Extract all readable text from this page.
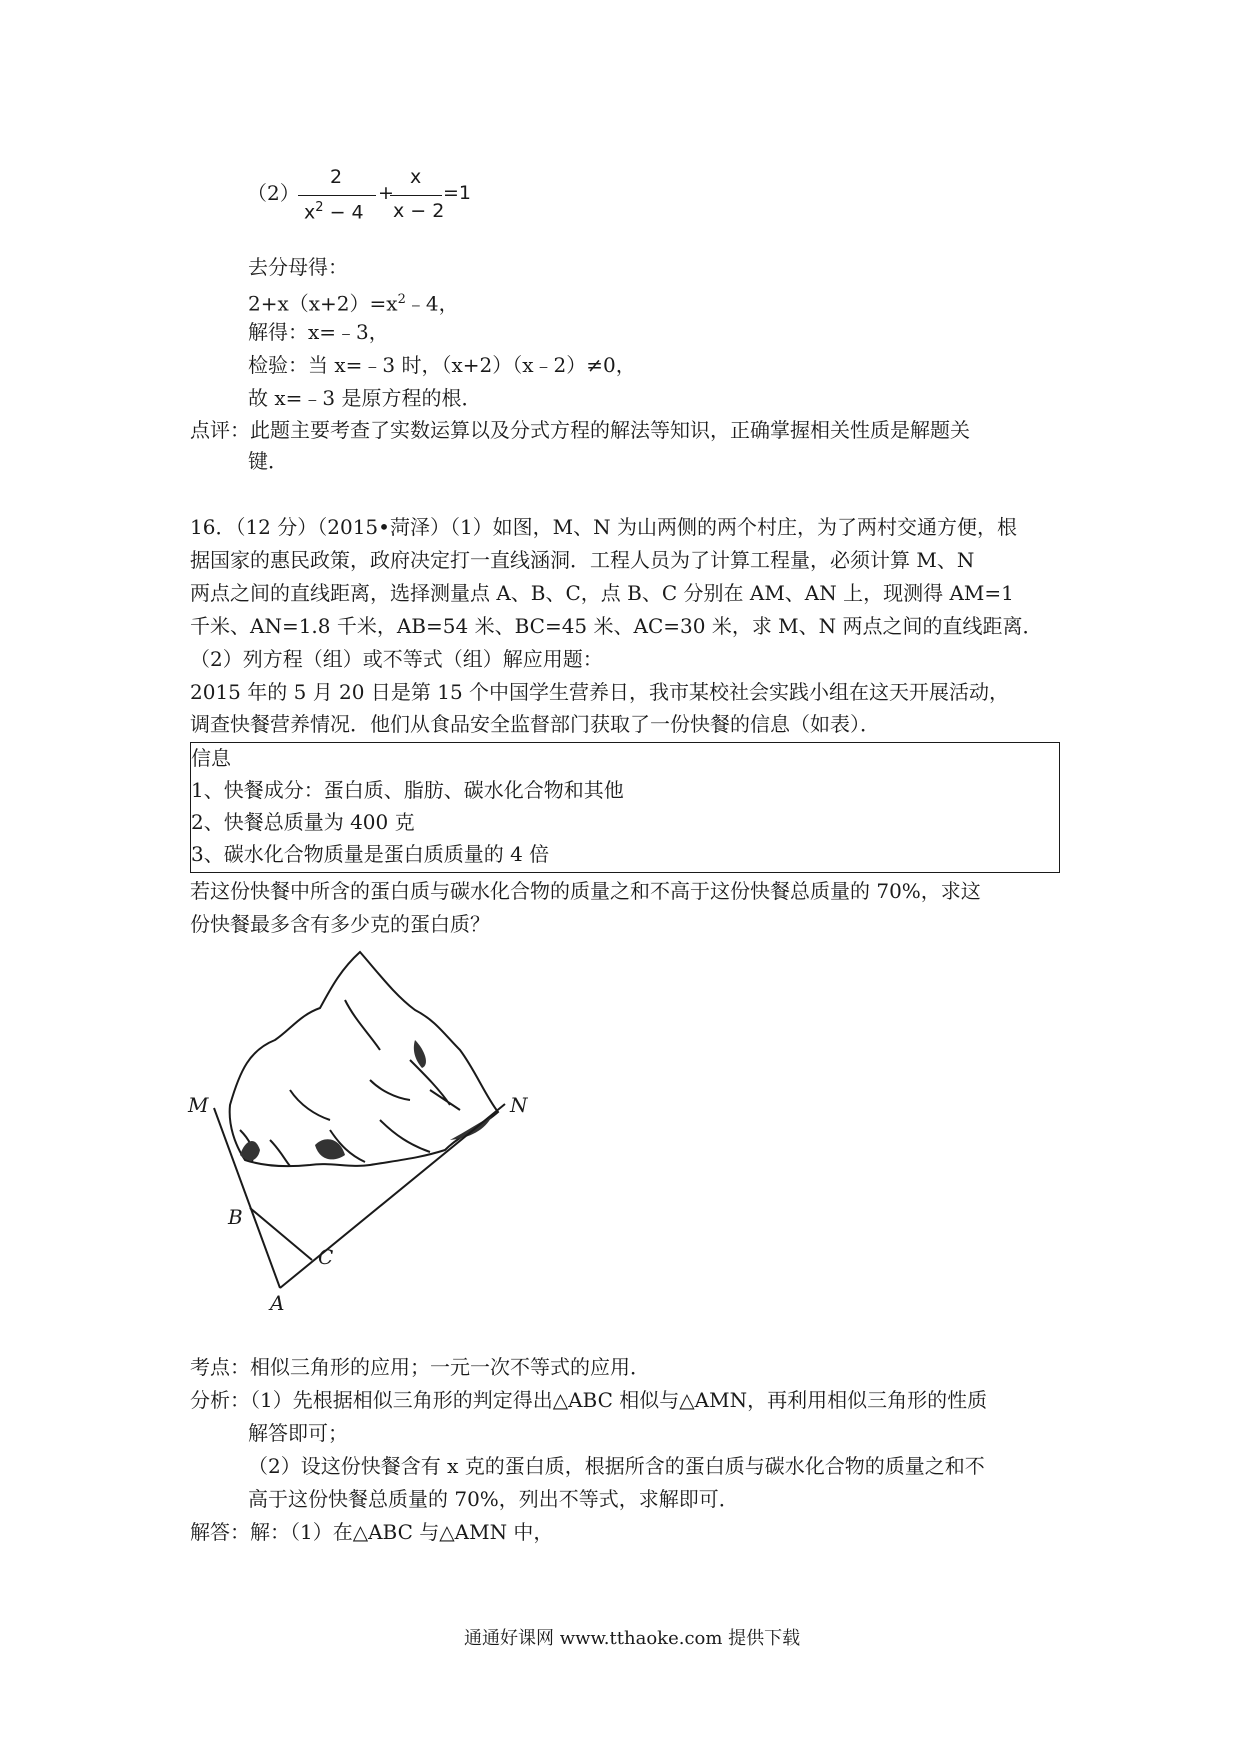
（2）
2
$x^2 - 4$
+
x
x − 2
=1
去分母得：
$2+x(x+2)=x^2﹣4$，
解得：x=﹣3，
检验：当 x=﹣3 时，（x+2）（x﹣2）≠0，
故 x=﹣3 是原方程的根．
点评：此题主要考查了实数运算以及分式方程的解法等知识，正确掌握相关性质是解题关
键．
16．（12 分）（2015•菏泽）（1）如图，M、N 为山两侧的两个村庄，为了两村交通方便，根
据国家的惠民政策，政府决定打一直线涵洞．工程人员为了计算工程量，必须计算 M、N
两点之间的直线距离，选择测量点 A、B、C，点 B、C 分别在 AM、AN 上，现测得 AM=1
千米、AN=1.8 千米，AB=54 米、BC=45 米、AC=30 米，求 M、N 两点之间的直线距离．
（2）列方程（组）或不等式（组）解应用题：
2015 年的 5 月 20 日是第 15 个中国学生营养日，我市某校社会实践小组在这天开展活动，
调查快餐营养情况．他们从食品安全监督部门获取了一份快餐的信息（如表）．
信息
1、快餐成分：蛋白质、脂肪、碳水化合物和其他
2、快餐总质量为 400 克
3、碳水化合物质量是蛋白质质量的 4 倍
若这份快餐中所含的蛋白质与碳水化合物的质量之和不高于这份快餐总质量的 70%，求这
份快餐最多含有多少克的蛋白质？
M	N
B
C
A
考点：相似三角形的应用；一元一次不等式的应用．
分析：（1）先根据相似三角形的判定得出△ABC 相似与△AMN，再利用相似三角形的性质
解答即可；
（2）设这份快餐含有 x 克的蛋白质，根据所含的蛋白质与碳水化合物的质量之和不
高于这份快餐总质量的 70%，列出不等式，求解即可．
解答：解：（1）在△ABC 与△AMN 中，
通通好课网 www.tthaoke.com 提供下载
